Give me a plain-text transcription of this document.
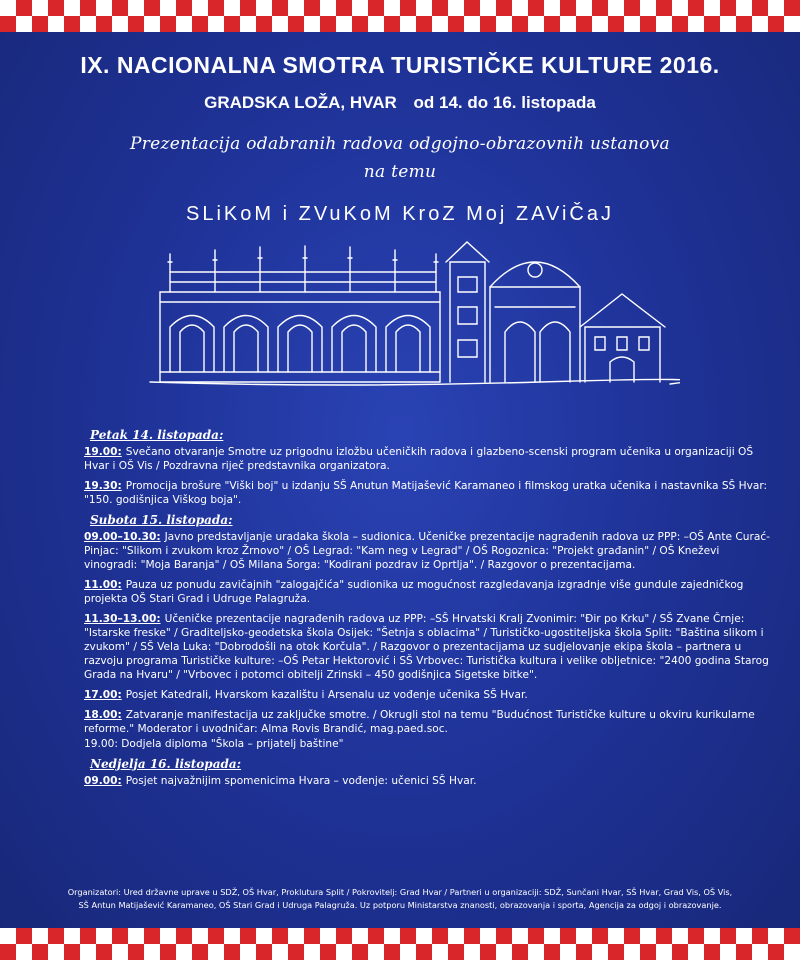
IX. NACIONALNA SMOTRA TURISTIČKE KULTURE 2016.
GRADSKA LOŽA, HVAR od 14. do 16. listopada
Prezentacija odabranih radova odgojno-obrazovnih ustanova
na temu
SLiKoM i ZVuKoM KroZ Moj ZAViČaJ
Petak 14. listopada:
19.00: Svečano otvaranje Smotre uz prigodnu izložbu učeničkih radova i glazbeno-scenski program učenika u organizaciji OŠ Hvar i OŠ Vis / Pozdravna riječ predstavnika organizatora.
19.30: Promocija brošure "Viški boj" u izdanju SŠ Anutun Matijašević Karamaneo i filmskog uratka učenika i nastavnika SŠ Hvar: "150. godišnjica Viškog boja".
Subota 15. listopada:
09.00–10.30: Javno predstavljanje uradaka škola – sudionica. Učeničke prezentacije nagrađenih radova uz PPP: –OŠ Ante Curać-Pinjac: "Slikom i zvukom kroz Žrnovo" / OŠ Legrad: "Kam neg v Legrad" / OŠ Rogoznica: "Projekt građanin" / OŠ Kneževi vinogradi: "Moja Baranja" / OŠ Milana Šorga: "Kodirani pozdrav iz Oprtlja". / Razgovor o prezentacijama.
11.00: Pauza uz ponudu zavičajnih "zalogajčića" sudionika uz mogućnost razgledavanja izgradnje više gundule zajedničkog projekta OŠ Stari Grad i Udruge Palagruža.
11.30–13.00: Učeničke prezentacije nagrađenih radova uz PPP: –SŠ Hrvatski Kralj Zvonimir: "Đir po Krku" / SŠ Zvane Črnje: "Istarske freske" / Graditeljsko-geodetska škola Osijek: "Šetnja s oblacima" / Turističko-ugostiteljska škola Split: "Baština slikom i zvukom" / SŠ Vela Luka: "Dobrodošli na otok Korčula". / Razgovor o prezentacijama uz sudjelovanje ekipa škola – partnera u razvoju programa Turističke kulture: –OŠ Petar Hektorović i SŠ Vrbovec: Turistička kultura i velike obljetnice: "2400 godina Starog Grada na Hvaru" / "Vrbovec i potomci obitelji Zrinski – 450 godišnjica Sigetske bitke".
17.00: Posjet Katedrali, Hvarskom kazalištu i Arsenalu uz vođenje učenika SŠ Hvar.
18.00: Zatvaranje manifestacija uz zaključke smotre. / Okrugli stol na temu "Budućnost Turističke kulture u okviru kurikularne reforme." Moderator i uvodničar: Alma Rovis Brandić, mag.paed.soc.
19.00: Dodjela diploma "Škola – prijatelj baštine"
Nedjelja 16. listopada:
09.00: Posjet najvažnijim spomenicima Hvara – vođenje: učenici SŠ Hvar.
Organizatori: Ured državne uprave u SDŽ, OŠ Hvar, Proklutura Split / Pokrovitelj: Grad Hvar / Partneri u organizaciji: SDŽ, Sunčani Hvar, SŠ Hvar, Grad Vis, OŠ Vis,
SŠ Antun Matijašević Karamaneo, OŠ Stari Grad i Udruga Palagruža. Uz potporu Ministarstva znanosti, obrazovanja i sporta, Agencija za odgoj i obrazovanje.
